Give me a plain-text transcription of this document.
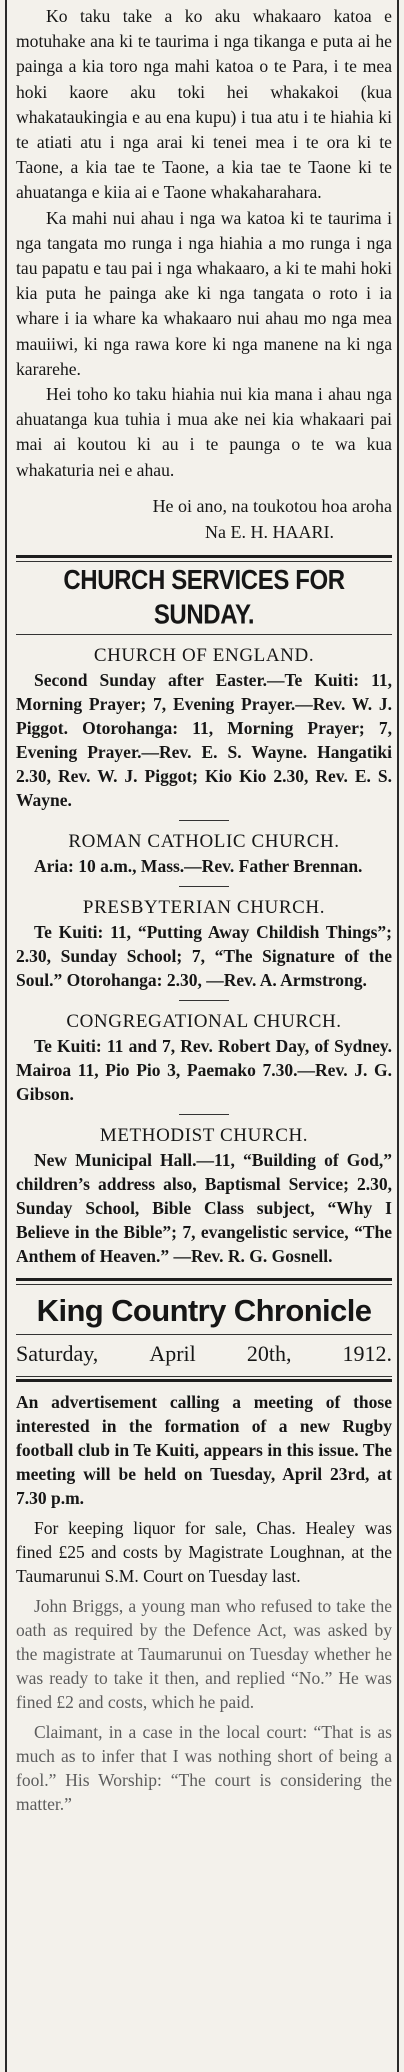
Ko taku take a ko aku whakaaro katoa e motuhake ana ki te taurima i nga tikanga e puta ai he painga a kia toro nga mahi katoa o te Para, i te mea hoki kaore aku toki hei whakakoi (kua whakataukingia e au ena kupu) i tua atu i te hiahia ki te atiati atu i nga arai ki tenei mea i te ora ki te Taone, a kia tae te Taone, a kia tae te Taone ki te ahuatanga e kiia ai e Taone whakaharahara.

Ka mahi nui ahau i nga wa katoa ki te taurima i nga tangata mo runga i nga hiahia a mo runga i nga tau papatu e tau pai i nga whakaaro, a ki te mahi hoki kia puta he painga ake ki nga tangata o roto i ia whare i ia whare ka whakaaro nui ahau mo nga mea mauiiwi, ki nga rawa kore ki nga manene na ki nga kararehe.

Hei toho ko taku hiahia nui kia mana i ahau nga ahuatanga kua tuhia i mua ake nei kia whakaari pai mai ai koutou ki au i te paunga o te wa kua whakaturia nei e ahau.

He oi ano, na toukotou hoa aroha

Na E. H. HAARI.

CHURCH SERVICES FOR SUNDAY.

CHURCH OF ENGLAND.

Second Sunday after Easter.—Te Kuiti: 11, Morning Prayer; 7, Evening Prayer.—Rev. W. J. Piggot. Otorohanga: 11, Morning Prayer; 7, Evening Prayer.—Rev. E. S. Wayne. Hangatiki 2.30, Rev. W. J. Piggot; Kio Kio 2.30, Rev. E. S. Wayne.

ROMAN CATHOLIC CHURCH.

Aria: 10 a.m., Mass.—Rev. Father Brennan.

PRESBYTERIAN CHURCH.

Te Kuiti: 11, “Putting Away Childish Things”; 2.30, Sunday School; 7, “The Signature of the Soul.” Otorohanga: 2.30, —Rev. A. Armstrong.

CONGREGATIONAL CHURCH.

Te Kuiti: 11 and 7, Rev. Robert Day, of Sydney. Mairoa 11, Pio Pio 3, Paemako 7.30.—Rev. J. G. Gibson.

METHODIST CHURCH.

New Municipal Hall.—11, “Building of God,” children’s address also, Baptismal Service; 2.30, Sunday School, Bible Class subject, “Why I Believe in the Bible”; 7, evangelistic service, “The Anthem of Heaven.” —Rev. R. G. Gosnell.

King Country Chronicle
Saturday, April 20th, 1912.

An advertisement calling a meeting of those interested in the formation of a new Rugby football club in Te Kuiti, appears in this issue. The meeting will be held on Tuesday, April 23rd, at 7.30 p.m.

For keeping liquor for sale, Chas. Healey was fined £25 and costs by Magistrate Loughnan, at the Taumarunui S.M. Court on Tuesday last.

John Briggs, a young man who refused to take the oath as required by the Defence Act, was asked by the magistrate at Taumarunui on Tuesday whether he was ready to take it then, and replied “No.” He was fined £2 and costs, which he paid.

Claimant, in a case in the local court: “That is as much as to infer that I was nothing short of being a fool.” His Worship: “The court is considering the matter.”
